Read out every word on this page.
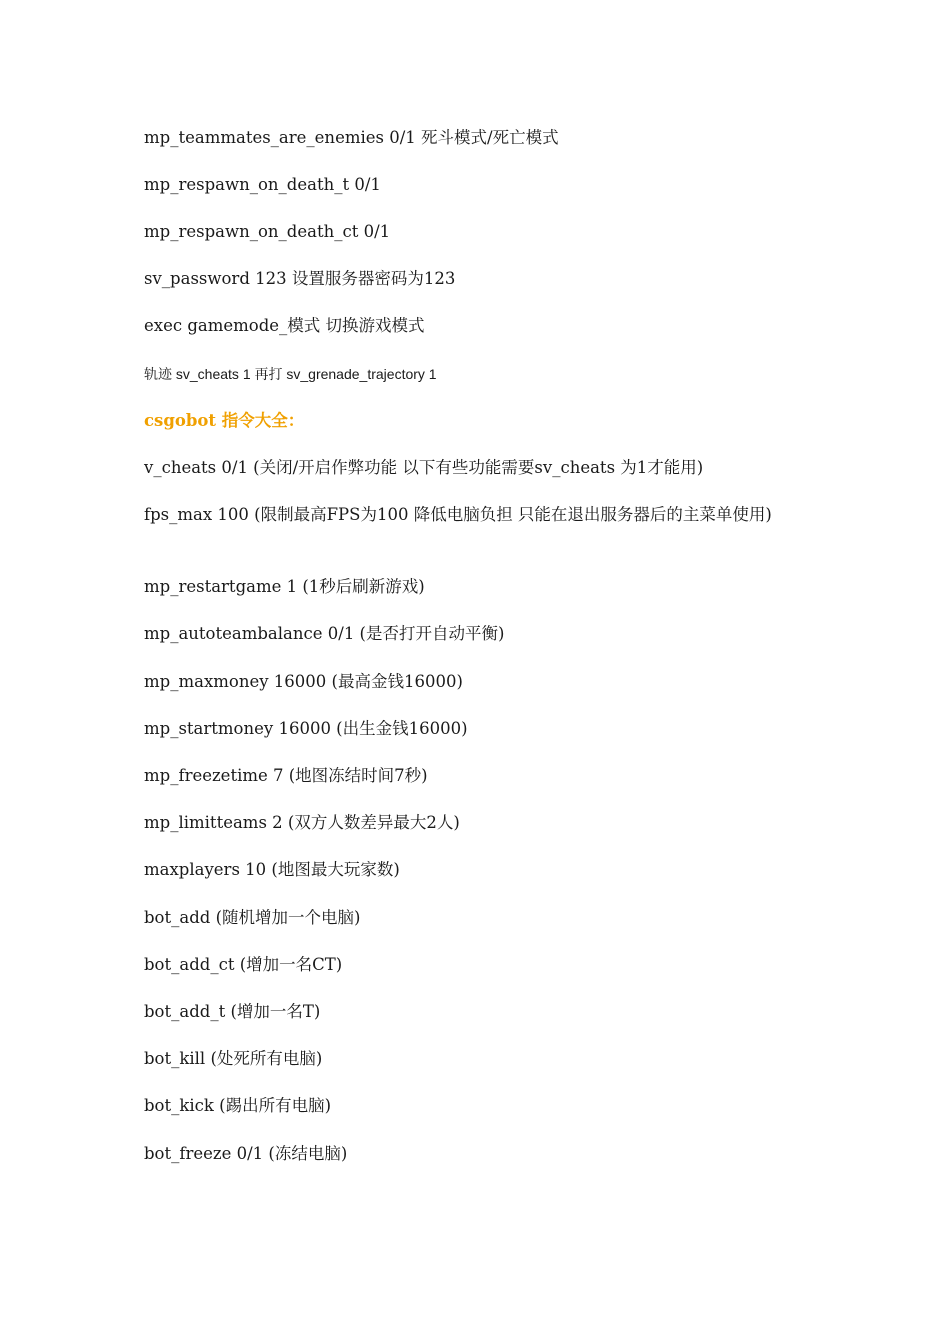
mp_teammates_are_enemies 0/1 死斗模式/死亡模式

mp_respawn_on_death_t 0/1

mp_respawn_on_death_ct 0/1

sv_password 123 设置服务器密码为123

exec gamemode_模式 切换游戏模式

轨迹 sv_cheats 1 再打 sv_grenade_trajectory 1

csgobot 指令大全：

v_cheats 0/1 (关闭/开启作弊功能 以下有些功能需要sv_cheats 为1才能用)

fps_max 100 (限制最高FPS为100 降低电脑负担 只能在退出服务器后的主菜单使用)

mp_restartgame 1 (1秒后刷新游戏)

mp_autoteambalance 0/1 (是否打开自动平衡)

mp_maxmoney 16000 (最高金钱16000)

mp_startmoney 16000 (出生金钱16000)

mp_freezetime 7 (地图冻结时间7秒)

mp_limitteams 2 (双方人数差异最大2人)

maxplayers 10 (地图最大玩家数)

bot_add (随机增加一个电脑)

bot_add_ct (增加一名CT)

bot_add_t (增加一名T)

bot_kill (处死所有电脑)

bot_kick (踢出所有电脑)

bot_freeze 0/1 (冻结电脑)
